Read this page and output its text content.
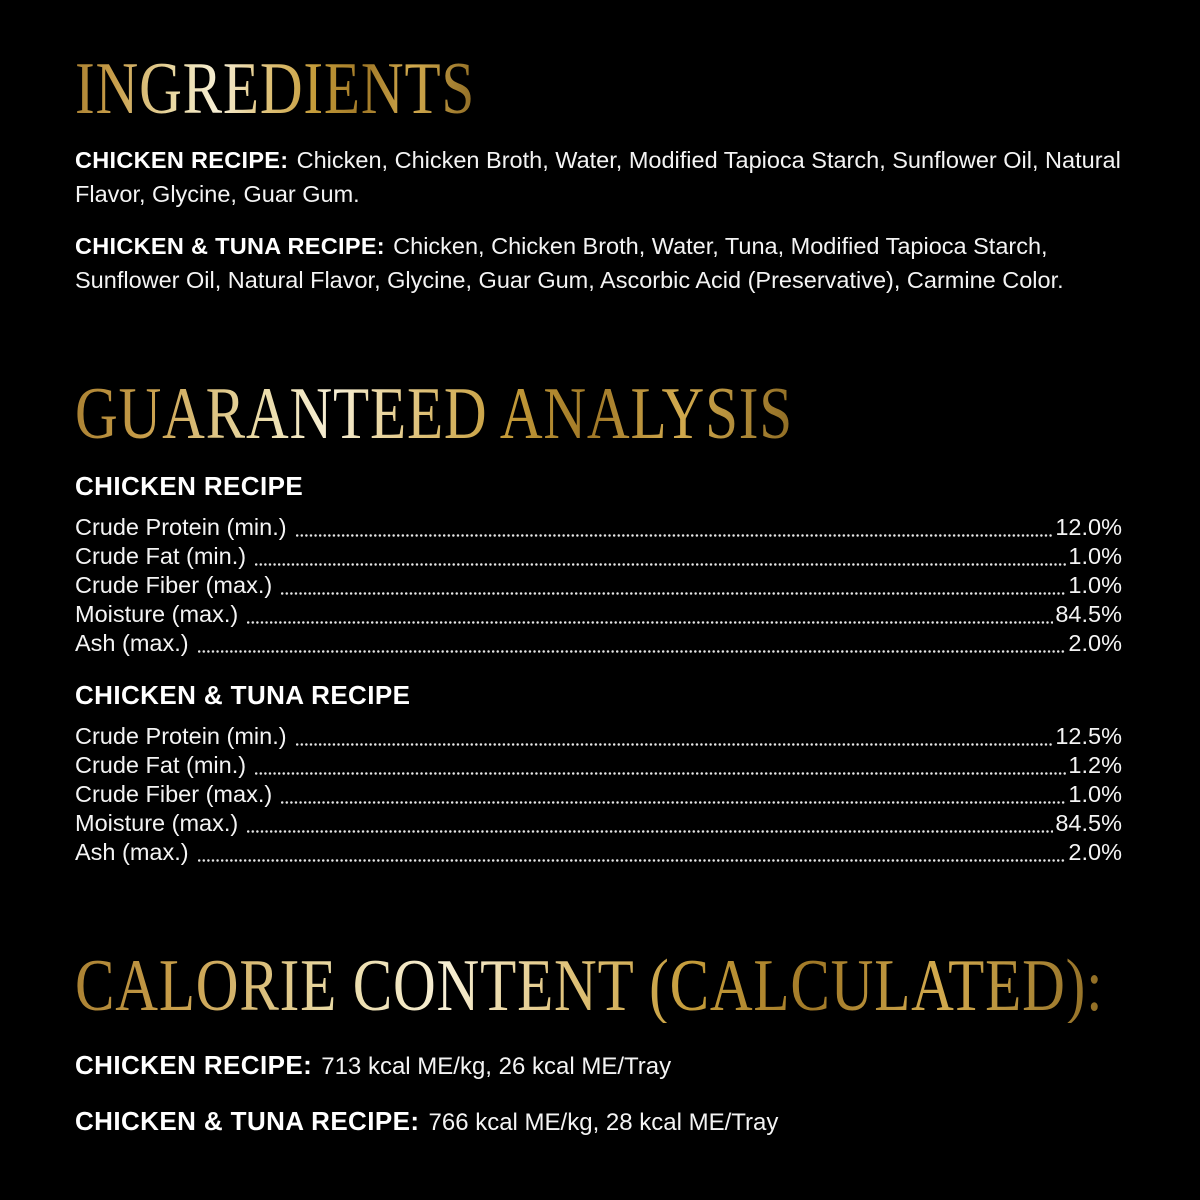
INGREDIENTS

CHICKEN RECIPE: Chicken, Chicken Broth, Water, Modified Tapioca Starch, Sunflower Oil, Natural Flavor, Glycine, Guar Gum.

CHICKEN & TUNA RECIPE: Chicken, Chicken Broth, Water, Tuna, Modified Tapioca Starch, Sunflower Oil, Natural Flavor, Glycine, Guar Gum, Ascorbic Acid (Preservative), Carmine Color.

GUARANTEED ANALYSIS
CHICKEN RECIPE
Crude Protein (min.)	12.0%
Crude Fat (min.)	1.0%
Crude Fiber (max.)	1.0%
Moisture (max.)	84.5%
Ash (max.)	2.0%
CHICKEN & TUNA RECIPE
Crude Protein (min.)	12.5%
Crude Fat (min.)	1.2%
Crude Fiber (max.)	1.0%
Moisture (max.)	84.5%
Ash (max.)	2.0%
CALORIE CONTENT (CALCULATED):

CHICKEN RECIPE: 713 kcal ME/kg, 26 kcal ME/Tray

CHICKEN & TUNA RECIPE: 766 kcal ME/kg, 28 kcal ME/Tray
